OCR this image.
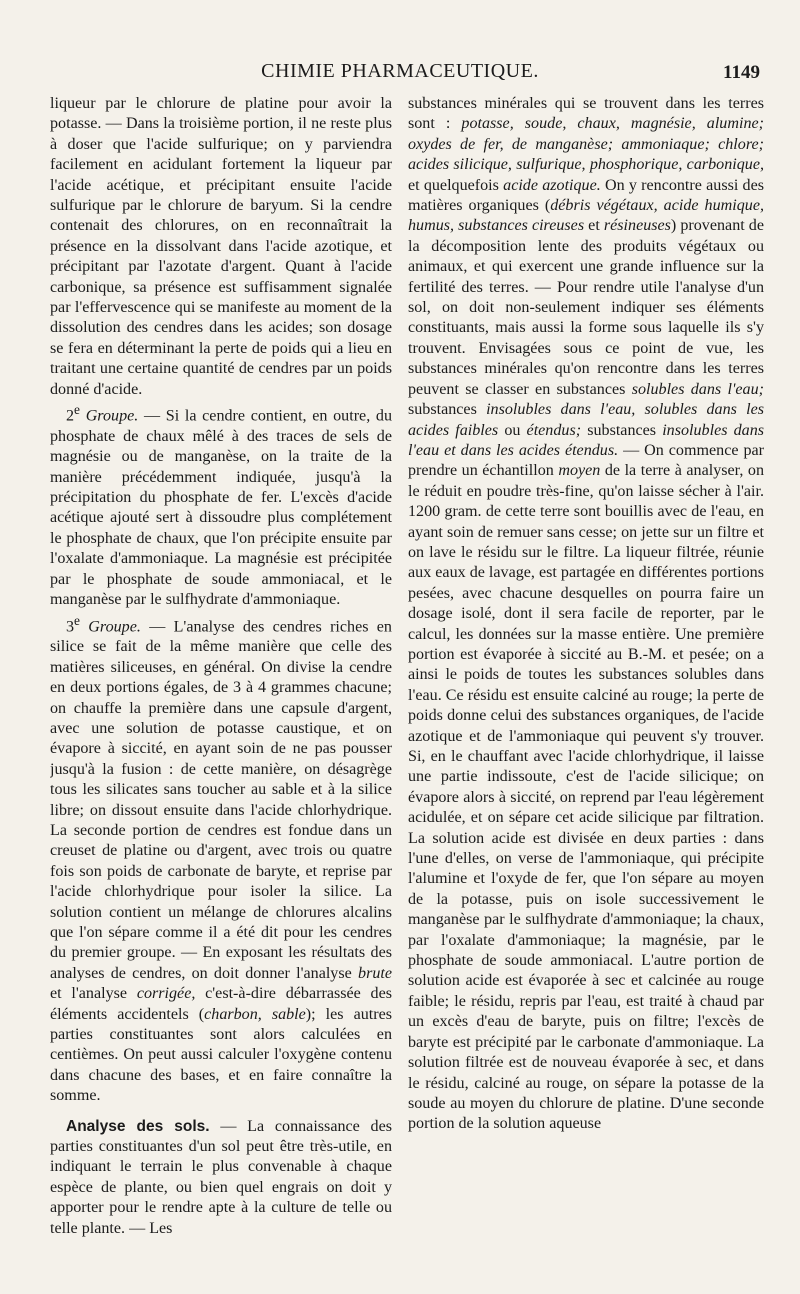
CHIMIE PHARMACEUTIQUE.	1149

liqueur par le chlorure de platine pour avoir la potasse. — Dans la troisième portion, il ne reste plus à doser que l'acide sulfurique; on y parviendra facilement en acidulant fortement la liqueur par l'acide acétique, et précipitant ensuite l'acide sulfurique par le chlorure de baryum. Si la cendre contenait des chlorures, on en reconnaîtrait la présence en la dissolvant dans l'acide azotique, et précipitant par l'azotate d'argent. Quant à l'acide carbonique, sa présence est suffisamment signalée par l'effervescence qui se manifeste au moment de la dissolution des cendres dans les acides; son dosage se fera en déterminant la perte de poids qui a lieu en traitant une certaine quantité de cendres par un poids donné d'acide.

2e Groupe. — Si la cendre contient, en outre, du phosphate de chaux mêlé à des traces de sels de magnésie ou de manganèse, on la traite de la manière précédemment indiquée, jusqu'à la précipitation du phosphate de fer. L'excès d'acide acétique ajouté sert à dissoudre plus complétement le phosphate de chaux, que l'on précipite ensuite par l'oxalate d'ammoniaque. La magnésie est précipitée par le phosphate de soude ammoniacal, et le manganèse par le sulfhydrate d'ammoniaque.

3e Groupe. — L'analyse des cendres riches en silice se fait de la même manière que celle des matières siliceuses, en général. On divise la cendre en deux portions égales, de 3 à 4 grammes chacune; on chauffe la première dans une capsule d'argent, avec une solution de potasse caustique, et on évapore à siccité, en ayant soin de ne pas pousser jusqu'à la fusion : de cette manière, on désagrège tous les silicates sans toucher au sable et à la silice libre; on dissout ensuite dans l'acide chlorhydrique. La seconde portion de cendres est fondue dans un creuset de platine ou d'argent, avec trois ou quatre fois son poids de carbonate de baryte, et reprise par l'acide chlorhydrique pour isoler la silice. La solution contient un mélange de chlorures alcalins que l'on sépare comme il a été dit pour les cendres du premier groupe. — En exposant les résultats des analyses de cendres, on doit donner l'analyse brute et l'analyse corrigée, c'est-à-dire débarrassée des éléments accidentels (charbon, sable); les autres parties constituantes sont alors calculées en centièmes. On peut aussi calculer l'oxygène contenu dans chacune des bases, et en faire connaître la somme.

Analyse des sols. — La connaissance des parties constituantes d'un sol peut être très-utile, en indiquant le terrain le plus convenable à chaque espèce de plante, ou bien quel engrais on doit y apporter pour le rendre apte à la culture de telle ou telle plante. — Les

substances minérales qui se trouvent dans les terres sont : potasse, soude, chaux, magnésie, alumine; oxydes de fer, de manganèse; ammoniaque; chlore; acides silicique, sulfurique, phosphorique, carbonique, et quelquefois acide azotique. On y rencontre aussi des matières organiques (débris végétaux, acide humique, humus, substances cireuses et résineuses) provenant de la décomposition lente des produits végétaux ou animaux, et qui exercent une grande influence sur la fertilité des terres. — Pour rendre utile l'analyse d'un sol, on doit non-seulement indiquer ses éléments constituants, mais aussi la forme sous laquelle ils s'y trouvent. Envisagées sous ce point de vue, les substances minérales qu'on rencontre dans les terres peuvent se classer en substances solubles dans l'eau; substances insolubles dans l'eau, solubles dans les acides faibles ou étendus; substances insolubles dans l'eau et dans les acides étendus. — On commence par prendre un échantillon moyen de la terre à analyser, on le réduit en poudre très-fine, qu'on laisse sécher à l'air. 1200 gram. de cette terre sont bouillis avec de l'eau, en ayant soin de remuer sans cesse; on jette sur un filtre et on lave le résidu sur le filtre. La liqueur filtrée, réunie aux eaux de lavage, est partagée en différentes portions pesées, avec chacune desquelles on pourra faire un dosage isolé, dont il sera facile de reporter, par le calcul, les données sur la masse entière. Une première portion est évaporée à siccité au B.-M. et pesée; on a ainsi le poids de toutes les substances solubles dans l'eau. Ce résidu est ensuite calciné au rouge; la perte de poids donne celui des substances organiques, de l'acide azotique et de l'ammoniaque qui peuvent s'y trouver. Si, en le chauffant avec l'acide chlorhydrique, il laisse une partie indissoute, c'est de l'acide silicique; on évapore alors à siccité, on reprend par l'eau légèrement acidulée, et on sépare cet acide silicique par filtration. La solution acide est divisée en deux parties : dans l'une d'elles, on verse de l'ammoniaque, qui précipite l'alumine et l'oxyde de fer, que l'on sépare au moyen de la potasse, puis on isole successivement le manganèse par le sulfhydrate d'ammoniaque; la chaux, par l'oxalate d'ammoniaque; la magnésie, par le phosphate de soude ammoniacal. L'autre portion de solution acide est évaporée à sec et calcinée au rouge faible; le résidu, repris par l'eau, est traité à chaud par un excès d'eau de baryte, puis on filtre; l'excès de baryte est précipité par le carbonate d'ammoniaque. La solution filtrée est de nouveau évaporée à sec, et dans le résidu, calciné au rouge, on sépare la potasse de la soude au moyen du chlorure de platine. D'une seconde portion de la solution aqueuse
